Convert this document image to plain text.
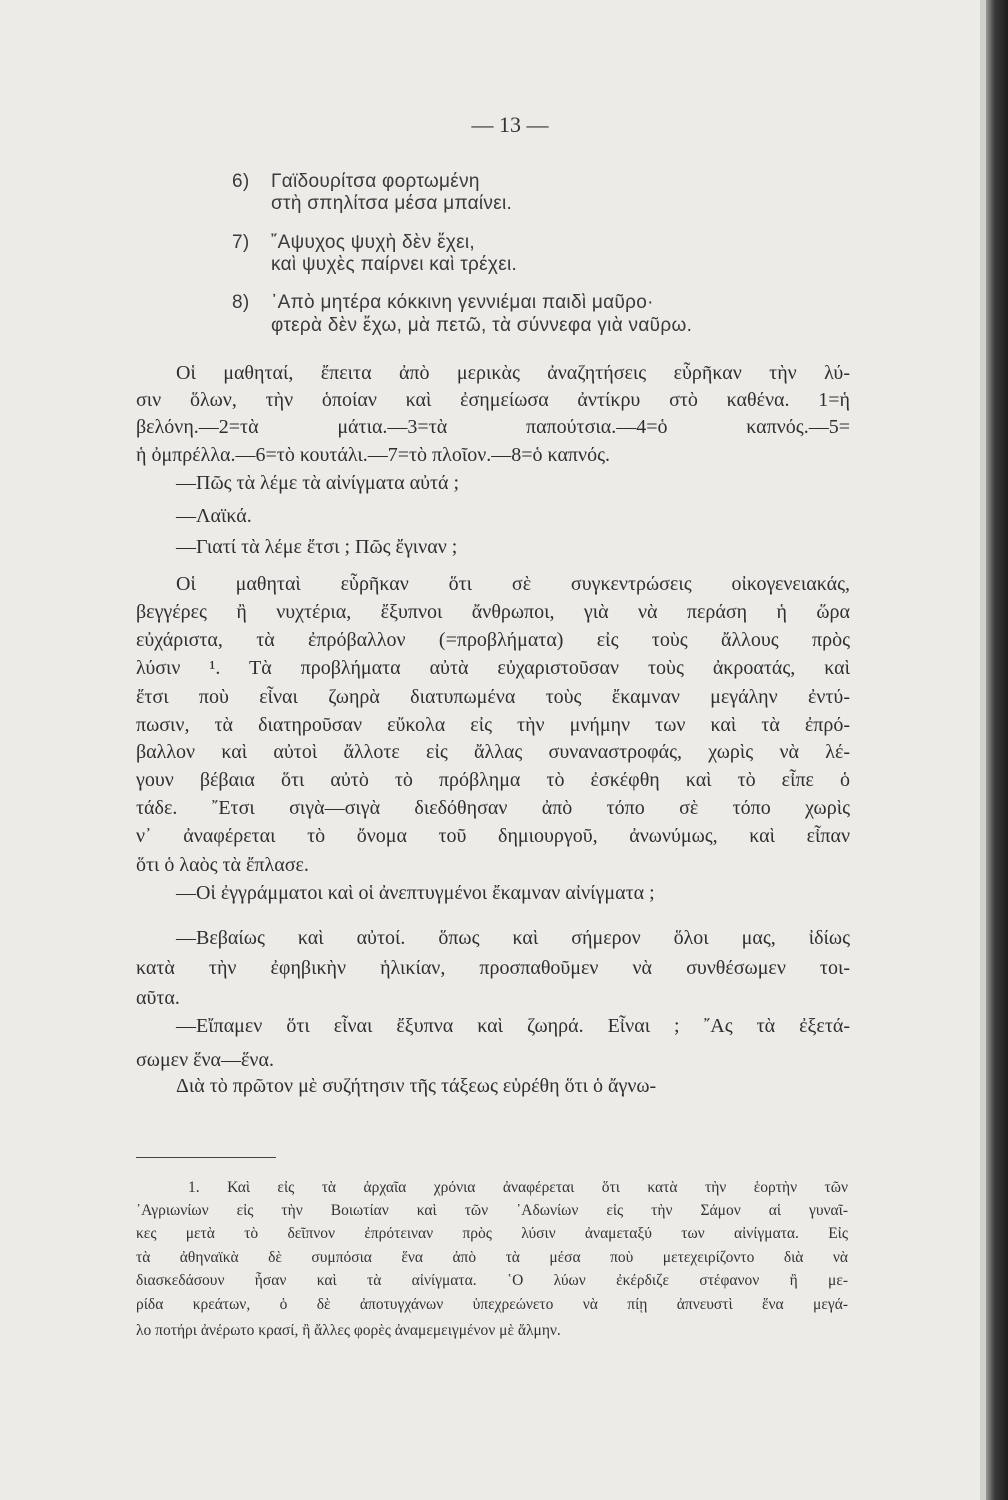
— 13 —
6) Γαϊδουρίτσα φορτωμένη
στὴ σπηλίτσα μέσα μπαίνει.
7) ῎Αψυχος ψυχὴ δὲν ἔχει,
καὶ ψυχὲς παίρνει καὶ τρέχει.
8) ᾿Απὸ μητέρα κόκκινη γεννιέμαι παιδὶ μαῦρο·
φτερὰ δὲν ἔχω, μὰ πετῶ, τὰ σύννεφα γιὰ ναῦρω.
Οἱ μαθηταί, ἔπειτα ἀπὸ μερικὰς ἀναζητήσεις εὗρῆκαν τὴν λύ-
σιν ὅλων, τὴν ὁποίαν καὶ ἐσημείωσα ἀντίκρυ στὸ καθένα. 1=ἡ
βελόνη.—2=τὰ μάτια.—3=τὰ παπούτσια.—4=ὁ καπνός.—5=
ἡ ὀμπρέλλα.—6=τὸ κουτάλι.—7=τὸ πλοῖον.—8=ὁ καπνός.
—Πῶς τὰ λέμε τὰ αἰνίγματα αὐτά ;
—Λαϊκά.
—Γιατί τὰ λέμε ἔτσι ; Πῶς ἔγιναν ;
Οἱ μαθηταὶ εὗρῆκαν ὅτι σὲ συγκεντρώσεις οἰκογενειακάς,
βεγγέρες ἢ νυχτέρια, ἔξυπνοι ἄνθρωποι, γιὰ νὰ περάση ἡ ὥρα
εὐχάριστα, τὰ ἐπρόβαλλον (=προβλήματα) εἰς τοὺς ἄλλους πρὸς
λύσιν ¹. Τὰ προβλήματα αὐτὰ εὐχαριστοῦσαν τοὺς ἀκροατάς, καὶ
ἔτσι ποὺ εἶναι ζωηρὰ διατυπωμένα τοὺς ἔκαμναν μεγάλην ἐντύ-
πωσιν, τὰ διατηροῦσαν εὔκολα εἰς τὴν μνήμην των καὶ τὰ ἐπρό-
βαλλον καὶ αὐτοὶ ἄλλοτε εἰς ἄλλας συναναστροφάς, χωρὶς νὰ λέ-
γουν βέβαια ὅτι αὐτὸ τὸ πρόβλημα τὸ ἐσκέφθη καὶ τὸ εἶπε ὁ
τάδε. ῎Ετσι σιγὰ—σιγὰ διεδόθησαν ἀπὸ τόπο σὲ τόπο χωρὶς
ν᾿ ἀναφέρεται τὸ ὄνομα τοῦ δημιουργοῦ, ἀνωνύμως, καὶ εἶπαν
ὅτι ὁ λαὸς τὰ ἔπλασε.
—Οἱ ἐγγράμματοι καὶ οἱ ἀνεπτυγμένοι ἔκαμναν αἰνίγματα ;
—Βεβαίως καὶ αὐτοί. ὅπως καὶ σήμερον ὅλοι μας, ἰδίως
κατὰ τὴν ἐφηβικὴν ἡλικίαν, προσπαθοῦμεν νὰ συνθέσωμεν τοι-
αῦτα.
—Εἴπαμεν ὅτι εἶναι ἔξυπνα καὶ ζωηρά. Εἶναι ; ῎Ας τὰ ἐξετά-
σωμεν ἕνα—ἕνα.
Διὰ τὸ πρῶτον μὲ συζήτησιν τῆς τάξεως εὑρέθη ὅτι ὁ ἄγνω-
1. Καὶ εἰς τὰ ἀρχαῖα χρόνια ἀναφέρεται ὅτι κατὰ τὴν ἑορτὴν τῶν
᾿Αγριωνίων εἰς τὴν Βοιωτίαν καὶ τῶν ᾿Αδωνίων εἰς τὴν Σάμον αἱ γυναῖ-
κες μετὰ τὸ δεῖπνον ἐπρότειναν πρὸς λύσιν ἀναμεταξύ των αἰνίγματα. Εἰς
τὰ ἀθηναϊκὰ δὲ συμπόσια ἕνα ἀπὸ τὰ μέσα ποὺ μετεχειρίζοντο διὰ νὰ
διασκεδάσουν ἦσαν καὶ τὰ αἰνίγματα. ῾Ο λύων ἐκέρδιζε στέφανον ἢ με-
ρίδα κρεάτων, ὁ δὲ ἀποτυγχάνων ὑπεχρεώνετο νὰ πίῃ ἀπνευστὶ ἕνα μεγά-
λο ποτήρι ἀνέρωτο κρασί, ἢ ἄλλες φορὲς ἀναμεμειγμένον μὲ ἅλμην.
